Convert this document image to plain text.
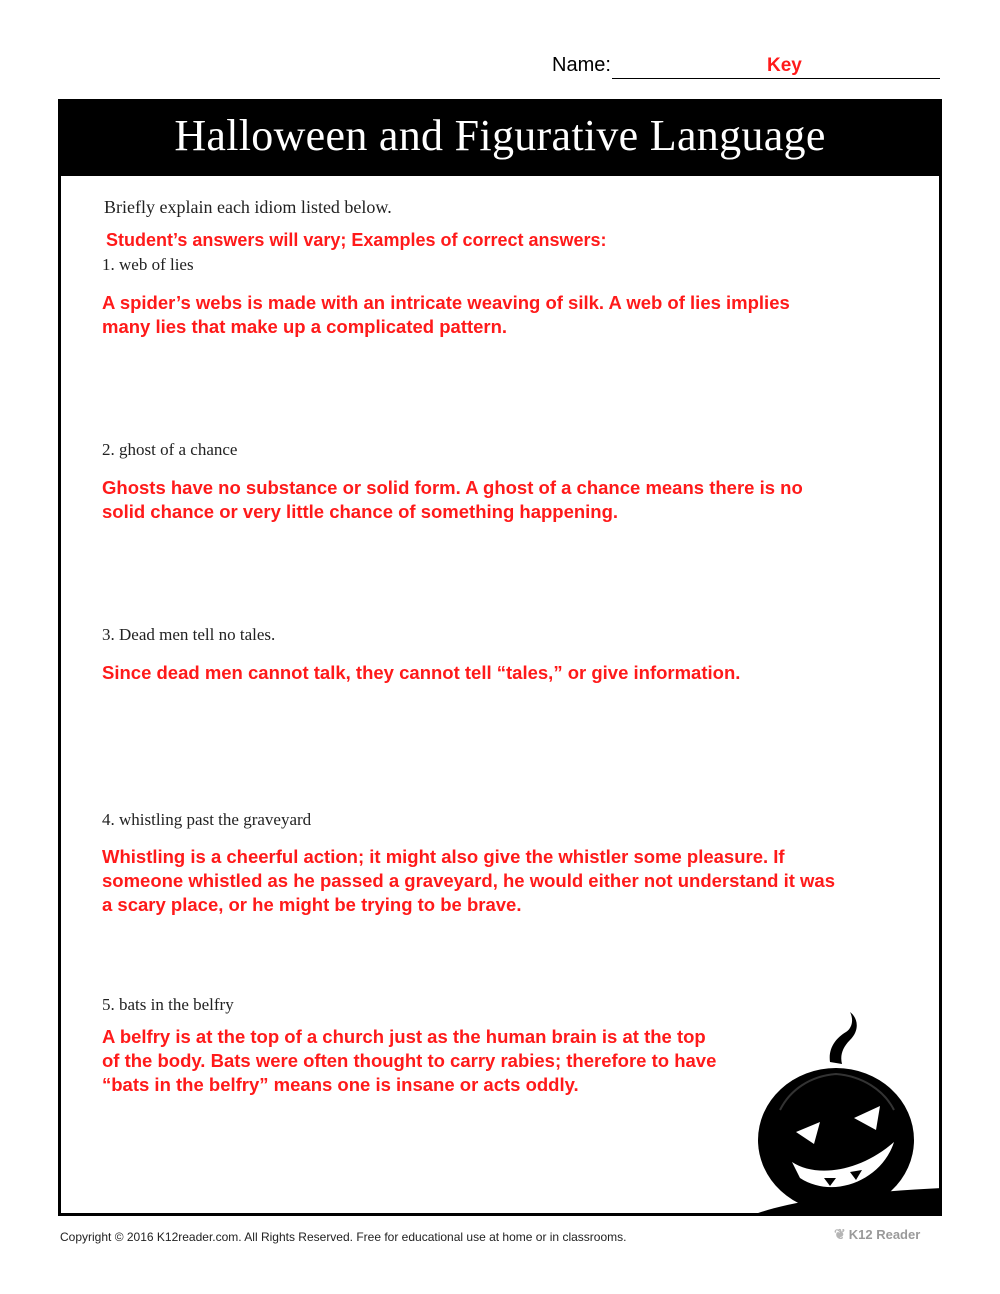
Name:	Key
Halloween and Figurative Language
Briefly explain each idiom listed below.
Student’s answers will vary; Examples of correct answers:
1. web of lies
A spider’s webs is made with an intricate weaving of silk. A web of lies implies
many lies that make up a complicated pattern.
2. ghost of a chance
Ghosts have no substance or solid form. A ghost of a chance means there is no
solid chance or very little chance of something happening.
3. Dead men tell no tales.
Since dead men cannot talk, they cannot tell “tales,” or give information.
4. whistling past the graveyard
Whistling is a cheerful action; it might also give the whistler some pleasure. If
someone whistled as he passed a graveyard, he would either not understand it was
a scary place, or he might be trying to be brave.
5. bats in the belfry
A belfry is at the top of a church just as the human brain is at the top
of the body. Bats were often thought to carry rabies; therefore to have
“bats in the belfry” means one is insane or acts oddly.
Copyright © 2016 K12reader.com. All Rights Reserved. Free for educational use at home or in classrooms.	❦ K12 Reader
